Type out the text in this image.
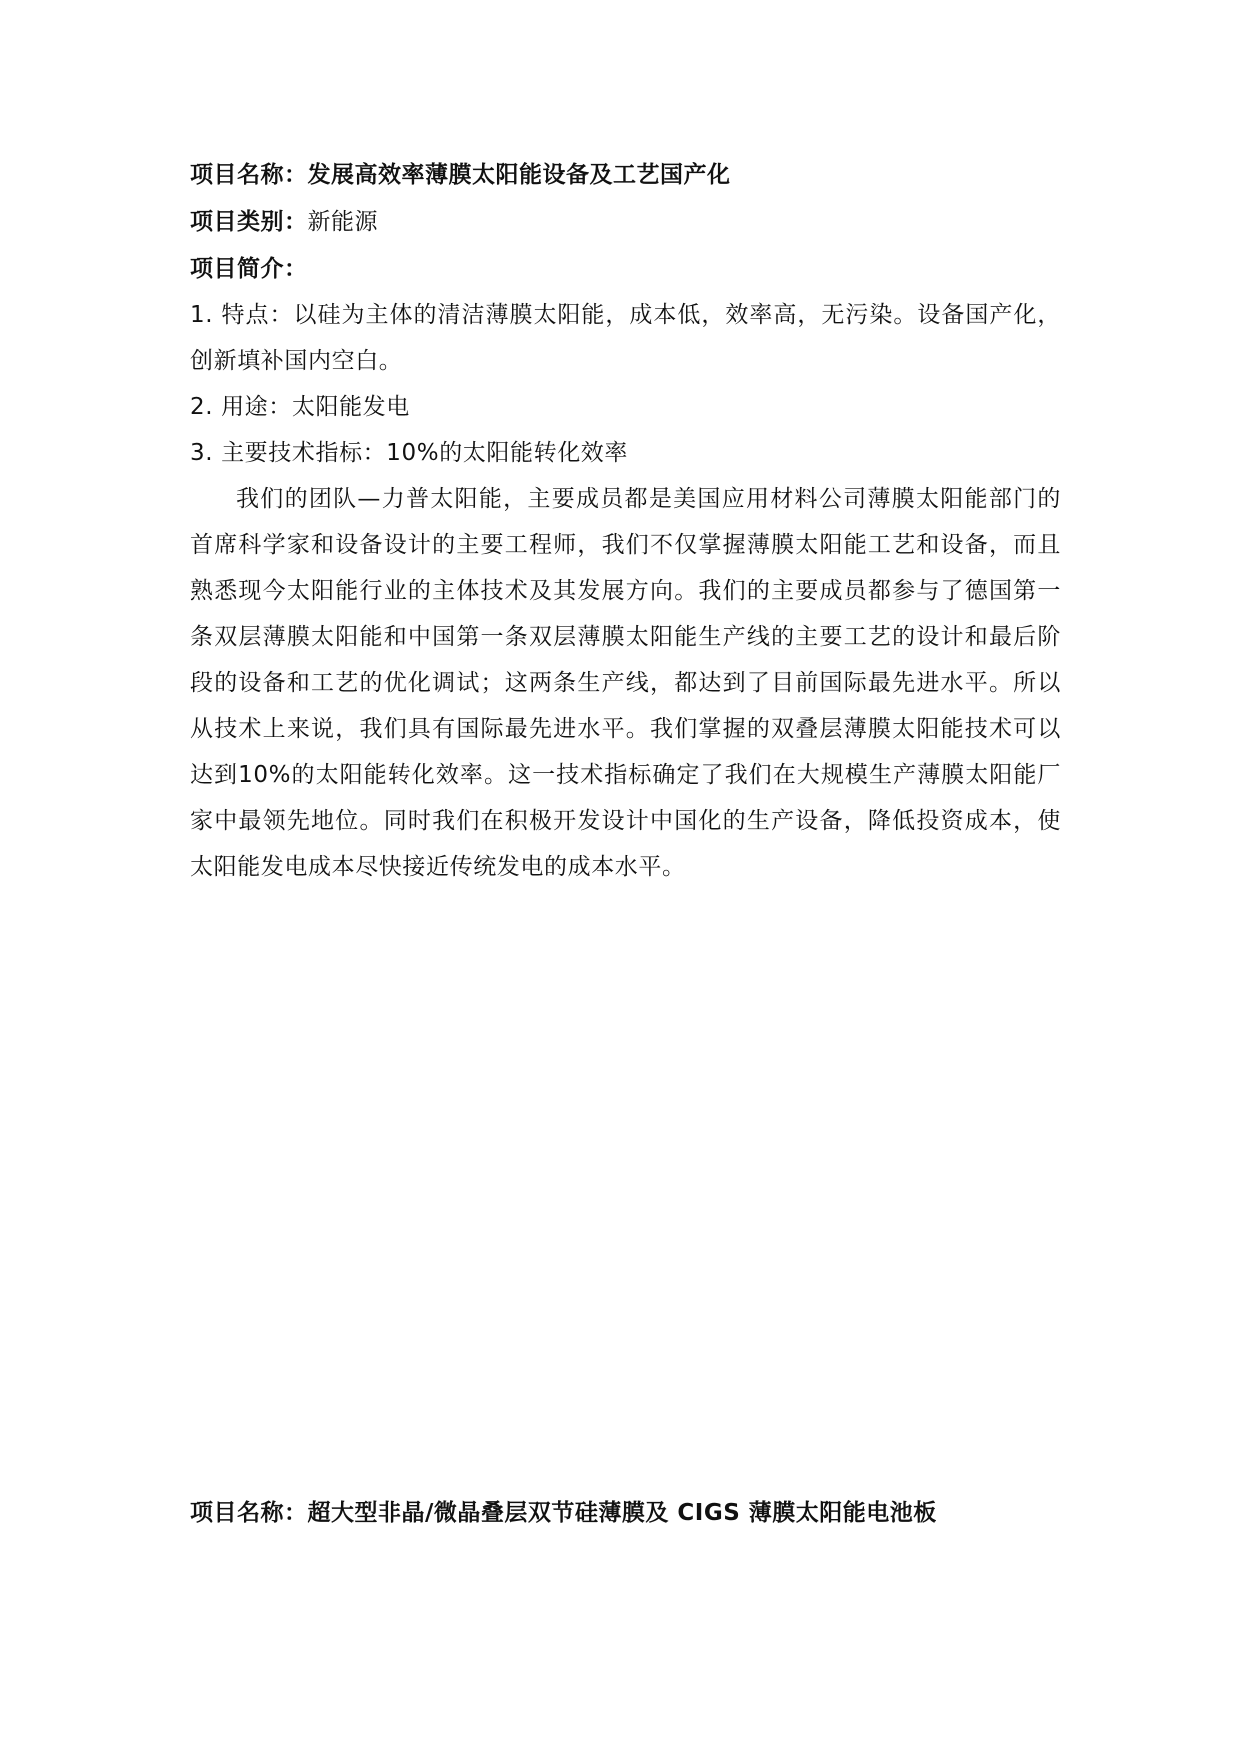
项目名称：发展高效率薄膜太阳能设备及工艺国产化
项目类别：新能源
项目简介：

1. 特点：以硅为主体的清洁薄膜太阳能，成本低，效率高，无污染。设备国产化，创新填补国内空白。

2. 用途：太阳能发电

3. 主要技术指标：10%的太阳能转化效率

我们的团队—力普太阳能，主要成员都是美国应用材料公司薄膜太阳能部门的首席科学家和设备设计的主要工程师，我们不仅掌握薄膜太阳能工艺和设备，而且熟悉现今太阳能行业的主体技术及其发展方向。我们的主要成员都参与了德国第一条双层薄膜太阳能和中国第一条双层薄膜太阳能生产线的主要工艺的设计和最后阶段的设备和工艺的优化调试；这两条生产线，都达到了目前国际最先进水平。所以从技术上来说，我们具有国际最先进水平。我们掌握的双叠层薄膜太阳能技术可以达到10%的太阳能转化效率。这一技术指标确定了我们在大规模生产薄膜太阳能厂家中最领先地位。同时我们在积极开发设计中国化的生产设备，降低投资成本，使太阳能发电成本尽快接近传统发电的成本水平。

项目名称：超大型非晶/微晶叠层双节硅薄膜及 CIGS 薄膜太阳能电池板
